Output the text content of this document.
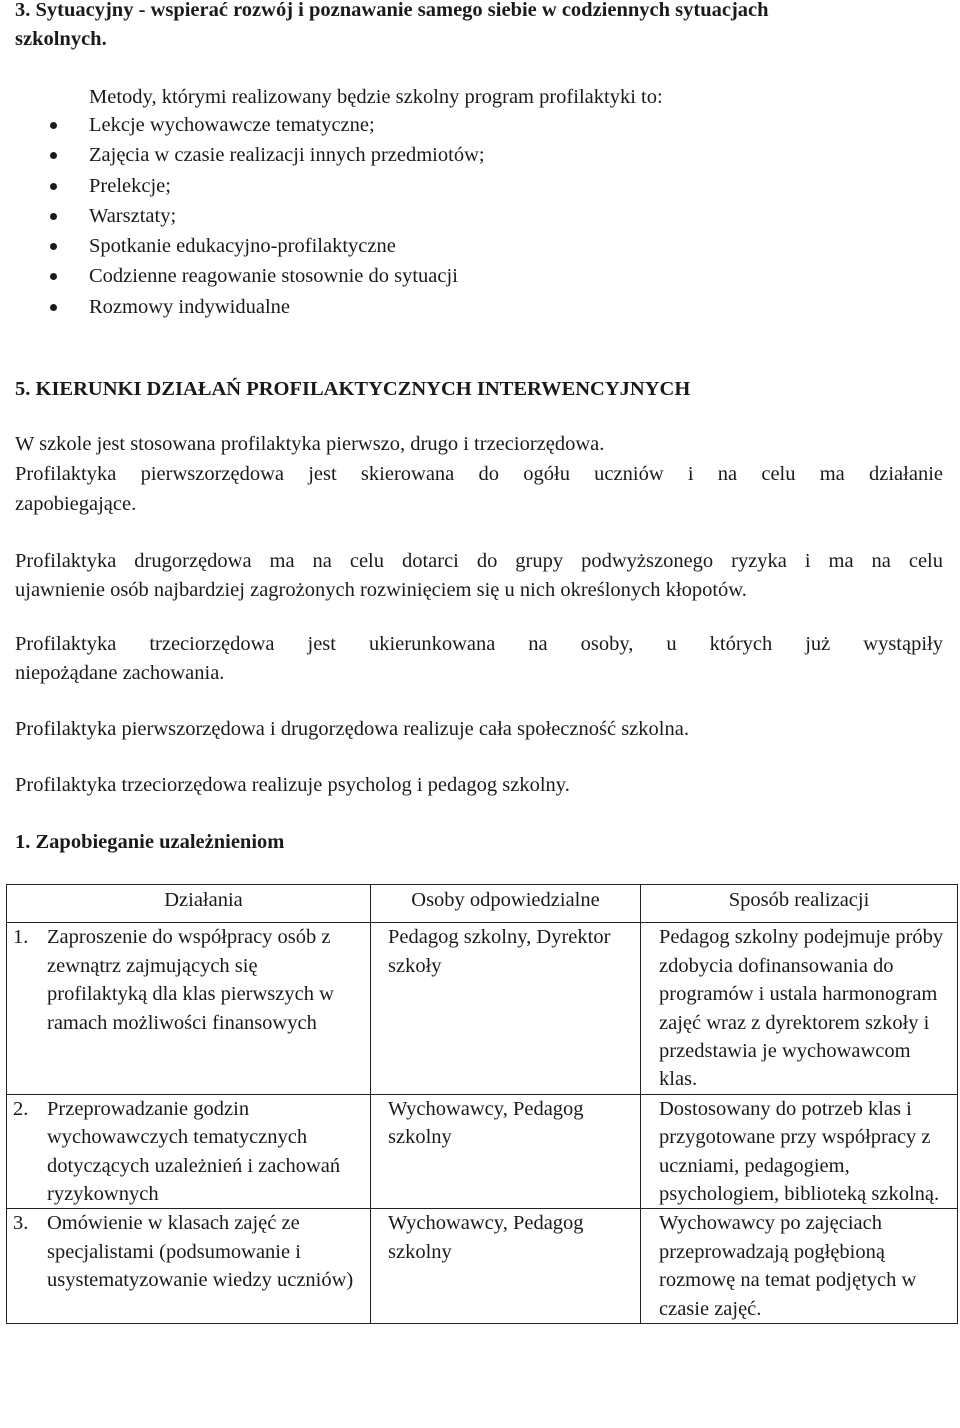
3. Sytuacyjny - wspierać rozwój i poznawanie samego siebie w codziennych sytuacjach
szkolnych.
Metody, którymi realizowany będzie szkolny program profilaktyki to:
Lekcje wychowawcze tematyczne;
Zajęcia w czasie realizacji innych przedmiotów;
Prelekcje;
Warsztaty;
Spotkanie edukacyjno-profilaktyczne
Codzienne reagowanie stosownie do sytuacji
Rozmowy indywidualne
5. KIERUNKI DZIAŁAŃ PROFILAKTYCZNYCH INTERWENCYJNYCH
W szkole jest stosowana profilaktyka pierwszo, drugo i trzeciorzędowa.
Profilaktyka pierwszorzędowa jest skierowana do ogółu uczniów i na celu ma działanie
zapobiegające.
Profilaktyka drugorzędowa ma na celu dotarci do grupy podwyższonego ryzyka i ma na celu
ujawnienie osób najbardziej zagrożonych rozwinięciem się u nich określonych kłopotów.
Profilaktyka trzeciorzędowa jest ukierunkowana na osoby, u których już wystąpiły
niepożądane zachowania.
Profilaktyka pierwszorzędowa i drugorzędowa realizuje cała społeczność szkolna.
Profilaktyka trzeciorzędowa realizuje psycholog i pedagog szkolny.
1. Zapobieganie uzależnieniom
Działania	Osoby odpowiedzialne	Sposób realizacji
1. Zaproszenie do współpracy osób z zewnątrz zajmujących się profilaktyką dla klas pierwszych w ramach możliwości finansowych	Pedagog szkolny, Dyrektor szkoły	Pedagog szkolny podejmuje próby zdobycia dofinansowania do programów i ustala harmonogram zajęć wraz z dyrektorem szkoły i przedstawia je wychowawcom klas.
2. Przeprowadzanie godzin wychowawczych tematycznych dotyczących uzależnień i zachowań ryzykownych	Wychowawcy, Pedagog szkolny	Dostosowany do potrzeb klas i przygotowane przy współpracy z uczniami, pedagogiem, psychologiem, biblioteką szkolną.
3. Omówienie w klasach zajęć ze specjalistami (podsumowanie i usystematyzowanie wiedzy uczniów)	Wychowawcy, Pedagog szkolny	Wychowawcy po zajęciach przeprowadzają pogłębioną rozmowę na temat podjętych w czasie zajęć.
